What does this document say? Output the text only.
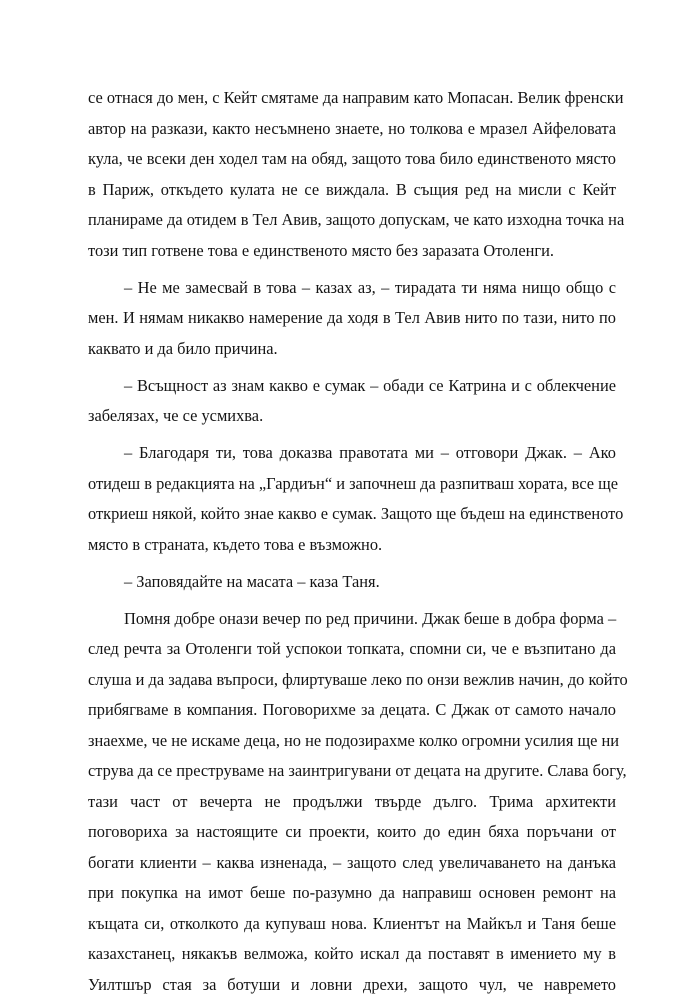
се отнася до мен, с Кейт смятаме да направим като Мопасан. Велик френски
автор на разкази, както несъмнено знаете, но толкова е мразел Айфеловата
кула, че всеки ден ходел там на обяд, защото това било единственото място
в Париж, откъдето кулата не се виждала. В същия ред на мисли с Кейт
планираме да отидем в Тел Авив, защото допускам, че като изходна точка на
този тип готвене това е единственото място без заразата Отоленги.
– Не ме замесвай в това – казах аз, – тирадата ти няма нищо общо с
мен. И нямам никакво намерение да ходя в Тел Авив нито по тази, нито по
каквато и да било причина.
– Всъщност аз знам какво е сумак – обади се Катрина и с облекчение
забелязах, че се усмихва.
– Благодаря ти, това доказва правотата ми – отговори Джак. – Ако
отидеш в редакцията на „Гардиън“ и започнеш да разпитваш хората, все ще
откриеш някой, който знае какво е сумак. Защото ще бъдеш на единственото
място в страната, където това е възможно.
– Заповядайте на масата – каза Таня.
Помня добре онази вечер по ред причини. Джак беше в добра форма –
след речта за Отоленги той успокои топката, спомни си, че е възпитано да
слуша и да задава въпроси, флиртуваше леко по онзи вежлив начин, до който
прибягваме в компания. Поговорихме за децата. С Джак от самото начало
знаехме, че не искаме деца, но не подозирахме колко огромни усилия ще ни
струва да се преструваме на заинтригувани от децата на другите. Слава богу,
тази част от вечерта не продължи твърде дълго. Трима архитекти
поговориха за настоящите си проекти, които до един бяха поръчани от
богати клиенти – каква изненада, – защото след увеличаването на данъка
при покупка на имот беше по-разумно да направиш основен ремонт на
къщата си, отколкото да купуваш нова. Клиентът на Майкъл и Таня беше
казахстанец, някакъв велможа, който искал да поставят в имението му в
Уилтшър стая за ботуши и ловни дрехи, защото чул, че навремето
